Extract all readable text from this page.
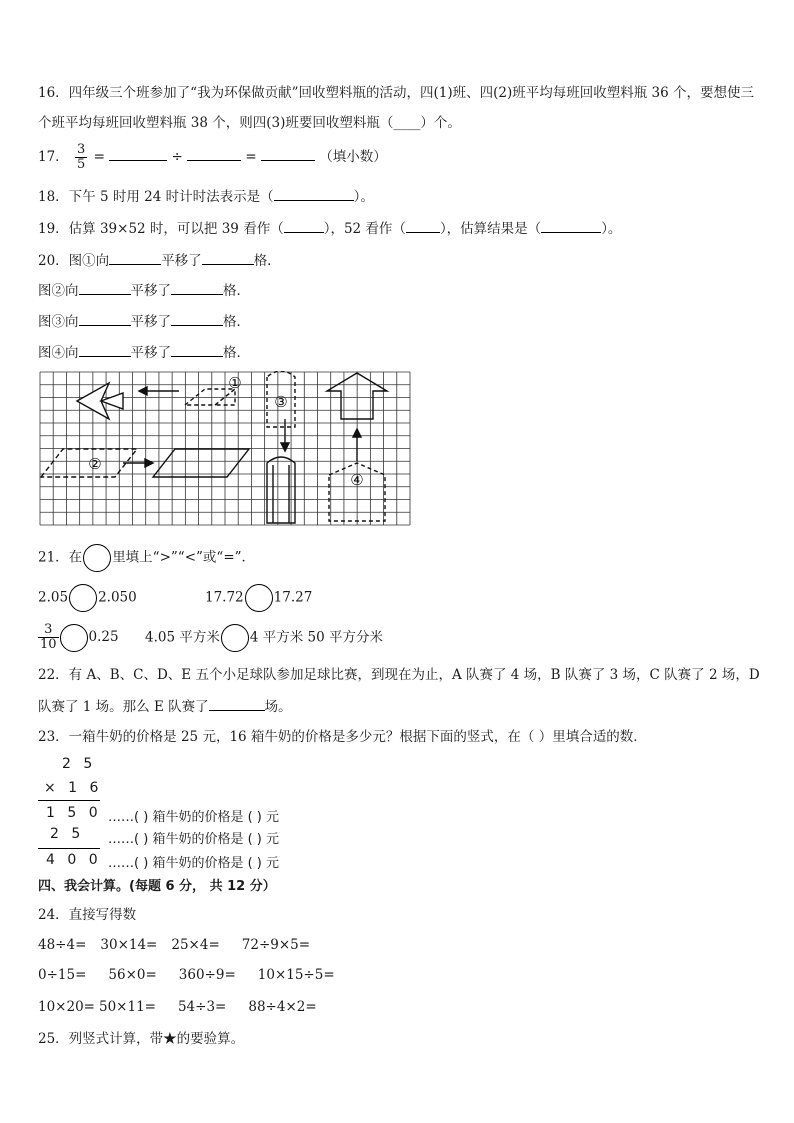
16．四年级三个班参加了“我为环保做贡献”回收塑料瓶的活动，四(1)班、四(2)班平均每班回收塑料瓶 36 个，要想使三
个班平均每班回收塑料瓶 38 个，则四(3)班要回收塑料瓶（____）个。
17． $\frac{3}{5}$ =	÷	=	（填小数）
18．下午 5 时用 24 时计时法表示是（	）。
19．估算 39×52 时，可以把 39 看作（	），52 看作（	），估算结果是（	）。
20．图①向	平移了	格．
图②向	平移了	格．
图③向	平移了	格．
图④向	平移了	格．
①
②
③
④
21．在 里填上“>”“<”或“=”．
2.05 2.050	17.72 17.27
$\frac{3}{10} 0.25$ 4.05 平方米 4 平方米 50 平方分米
22．有 A、B、C、D、E 五个小足球队参加足球比赛，到现在为止，A 队赛了 4 场，B 队赛了 3 场，C 队赛了 2 场，D
队赛了 1 场。那么 E 队赛了	场。
23．一箱牛奶的价格是 25 元，16 箱牛奶的价格是多少元？根据下面的竖式，在（ ）里填合适的数．
2 5
× 1 6
1 5 0 ‥‥‥( ) 箱牛奶的价格是 ( ) 元
2 5 ‥‥‥( ) 箱牛奶的价格是 ( ) 元
4 0 0 ‥‥‥( ) 箱牛奶的价格是 ( ) 元
四、我会计算。(每题 6 分， 共 12 分）
24．直接写得数
48÷4= 30×14= 25×4= 72÷9×5=
0÷15= 56×0= 360÷9= 10×15÷5=
10×20= 50×11= 54÷3= 88÷4×2=
25．列竖式计算，带★的要验算。
